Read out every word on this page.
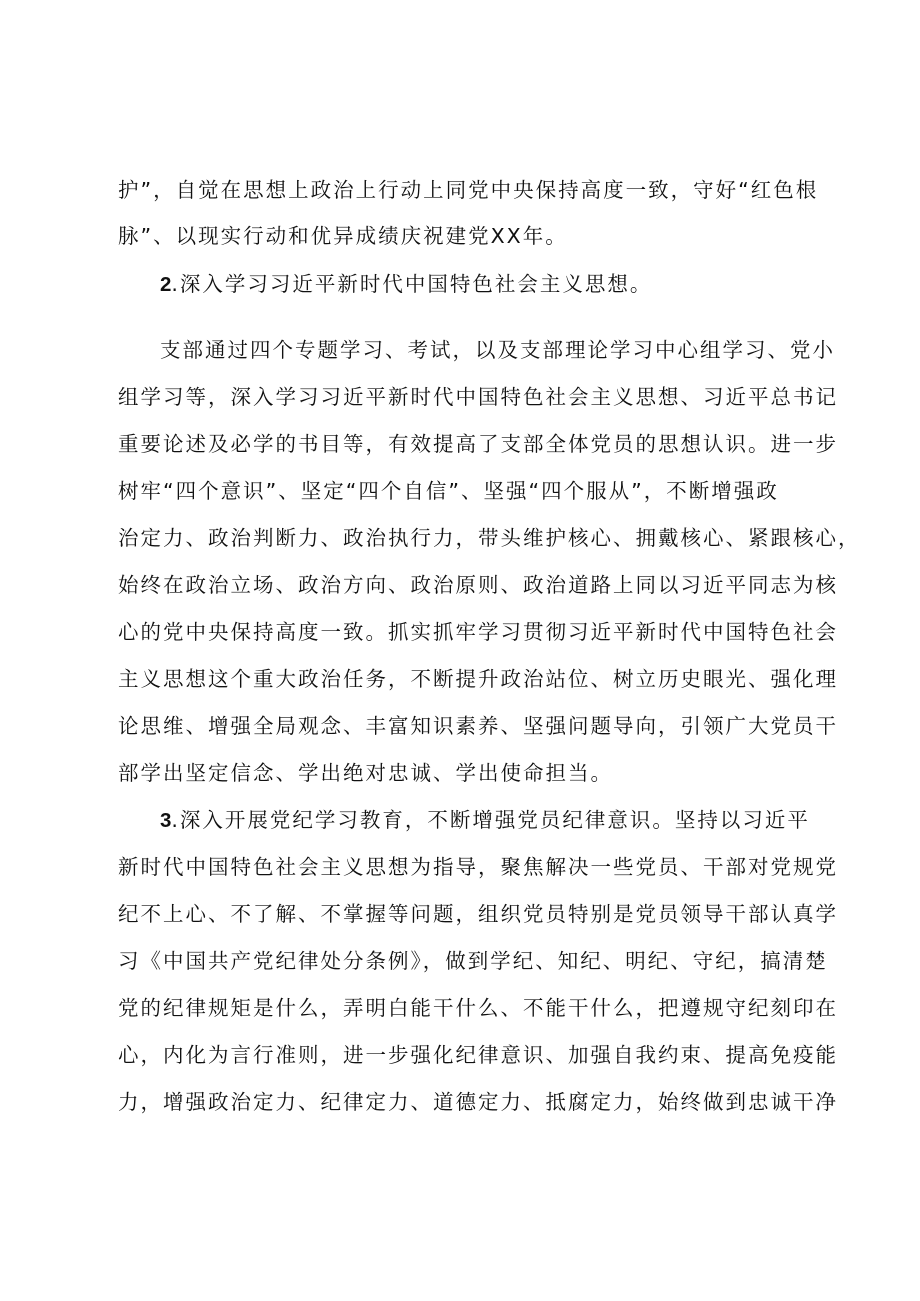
护”，自觉在思想上政治上行动上同党中央保持高度一致，守好“红色根
脉”、以现实行动和优异成绩庆祝建党XX年。
2.深入学习习近平新时代中国特色社会主义思想。
支部通过四个专题学习、考试，以及支部理论学习中心组学习、党小
组学习等，深入学习习近平新时代中国特色社会主义思想、习近平总书记
重要论述及必学的书目等，有效提高了支部全体党员的思想认识。进一步
树牢“四个意识”、坚定“四个自信”、坚强“四个服从”，不断增强政
治定力、政治判断力、政治执行力，带头维护核心、拥戴核心、紧跟核心，
始终在政治立场、政治方向、政治原则、政治道路上同以习近平同志为核
心的党中央保持高度一致。抓实抓牢学习贯彻习近平新时代中国特色社会
主义思想这个重大政治任务，不断提升政治站位、树立历史眼光、强化理
论思维、增强全局观念、丰富知识素养、坚强问题导向，引领广大党员干
部学出坚定信念、学出绝对忠诚、学出使命担当。
3.深入开展党纪学习教育，不断增强党员纪律意识。坚持以习近平
新时代中国特色社会主义思想为指导，聚焦解决一些党员、干部对党规党
纪不上心、不了解、不掌握等问题，组织党员特别是党员领导干部认真学
习《中国共产党纪律处分条例》，做到学纪、知纪、明纪、守纪，搞清楚
党的纪律规矩是什么，弄明白能干什么、不能干什么，把遵规守纪刻印在
心，内化为言行准则，进一步强化纪律意识、加强自我约束、提高免疫能
力，增强政治定力、纪律定力、道德定力、抵腐定力，始终做到忠诚干净
